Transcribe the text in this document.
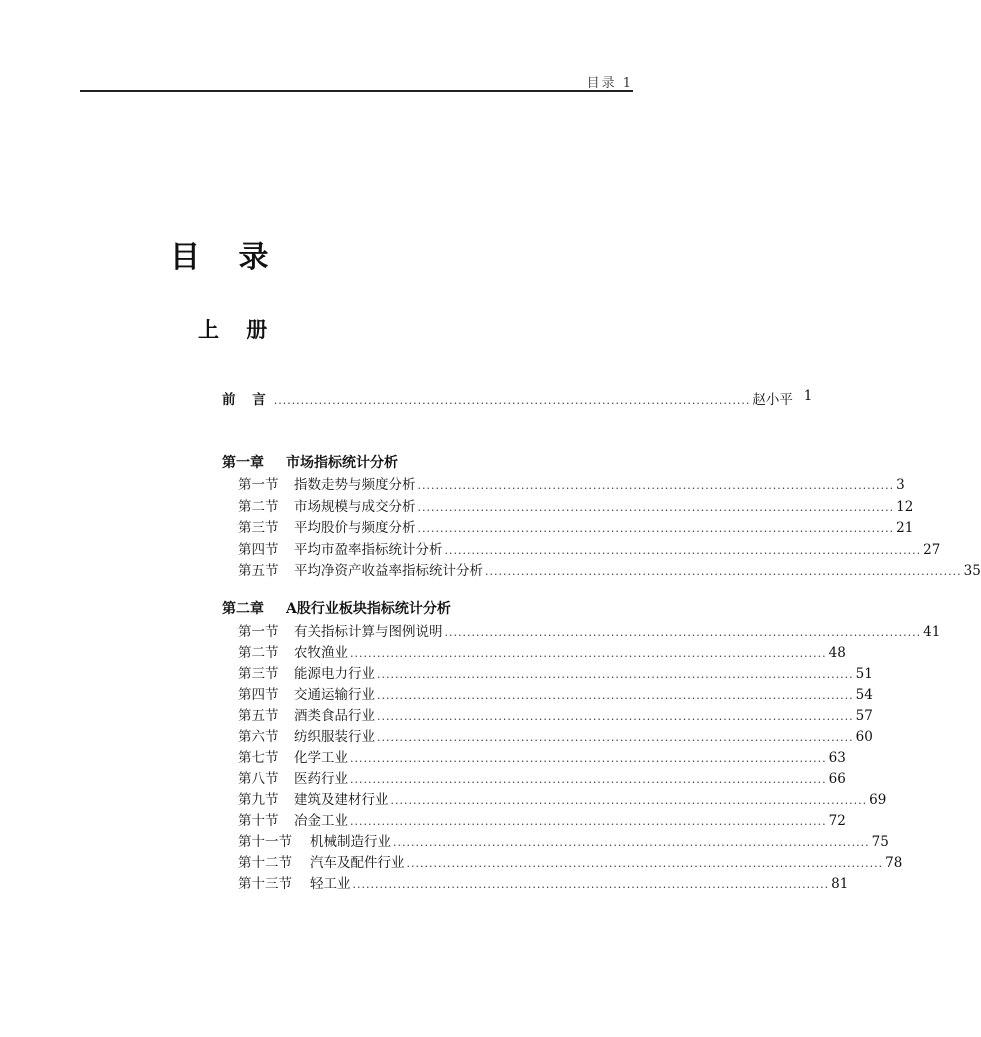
目录 1
目 录
上 册
前 言 .......................................................................................................... 赵小平 1
第一章 市场指标统计分析
第一节	指数走势与频度分析 .......................................................................................................... 3
第二节	市场规模与成交分析 .......................................................................................................... 12
第三节	平均股价与频度分析 .......................................................................................................... 21
第四节	平均市盈率指标统计分析 .......................................................................................................... 27
第五节	平均净资产收益率指标统计分析 .......................................................................................................... 35
第二章 A股行业板块指标统计分析
第一节	有关指标计算与图例说明 .......................................................................................................... 41
第二节	农牧渔业 .......................................................................................................... 48
第三节	能源电力行业 .......................................................................................................... 51
第四节	交通运输行业 .......................................................................................................... 54
第五节	酒类食品行业 .......................................................................................................... 57
第六节	纺织服装行业 .......................................................................................................... 60
第七节	化学工业 .......................................................................................................... 63
第八节	医药行业 .......................................................................................................... 66
第九节	建筑及建材行业 .......................................................................................................... 69
第十节	冶金工业 .......................................................................................................... 72
第十一节	机械制造行业 .......................................................................................................... 75
第十二节	汽车及配件行业 .......................................................................................................... 78
第十三节	轻工业 .......................................................................................................... 81
